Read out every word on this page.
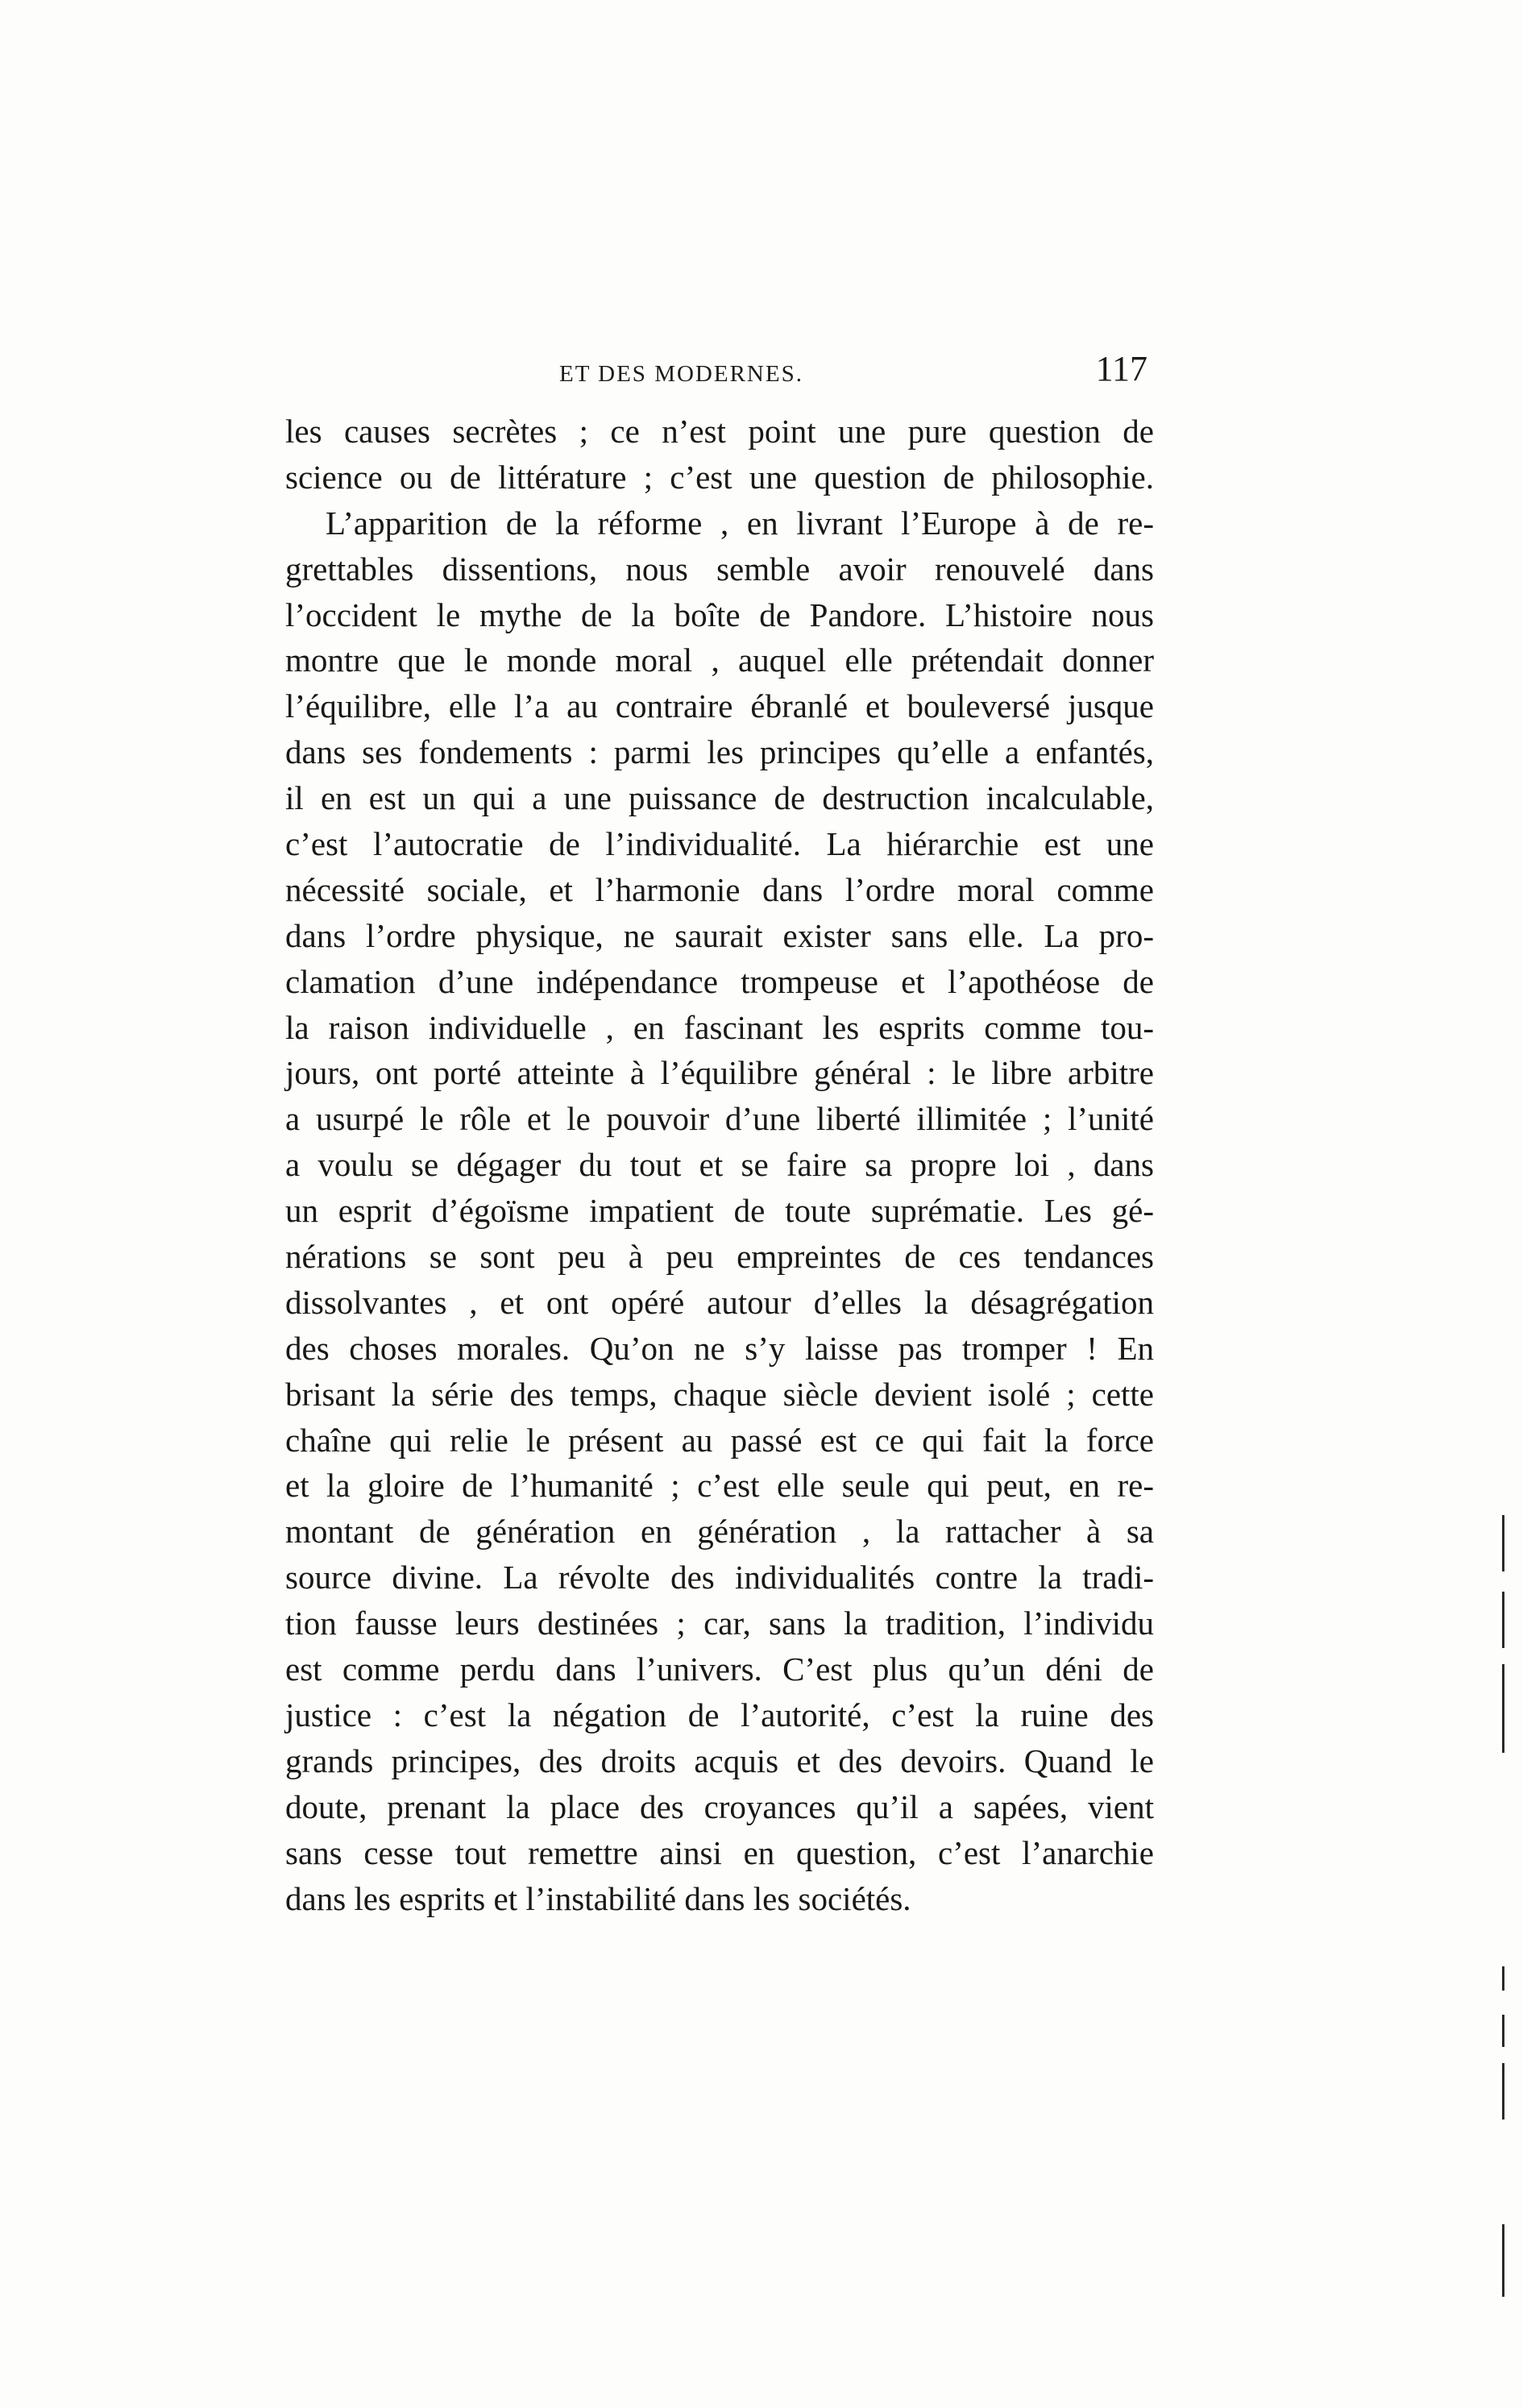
ET DES MODERNES.	117
les causes secrètes ; ce n’est point une pure question de
science ou de littérature ; c’est une question de philosophie.
L’apparition de la réforme , en livrant l’Europe à de re-
grettables dissentions, nous semble avoir renouvelé dans
l’occident le mythe de la boîte de Pandore. L’histoire nous
montre que le monde moral , auquel elle prétendait donner
l’équilibre, elle l’a au contraire ébranlé et bouleversé jusque
dans ses fondements : parmi les principes qu’elle a enfantés,
il en est un qui a une puissance de destruction incalculable,
c’est l’autocratie de l’individualité. La hiérarchie est une
nécessité sociale, et l’harmonie dans l’ordre moral comme
dans l’ordre physique, ne saurait exister sans elle. La pro-
clamation d’une indépendance trompeuse et l’apothéose de
la raison individuelle , en fascinant les esprits comme tou-
jours, ont porté atteinte à l’équilibre général : le libre arbitre
a usurpé le rôle et le pouvoir d’une liberté illimitée ; l’unité
a voulu se dégager du tout et se faire sa propre loi , dans
un esprit d’égoïsme impatient de toute suprématie. Les gé-
nérations se sont peu à peu empreintes de ces tendances
dissolvantes , et ont opéré autour d’elles la désagrégation
des choses morales. Qu’on ne s’y laisse pas tromper ! En
brisant la série des temps, chaque siècle devient isolé ; cette
chaîne qui relie le présent au passé est ce qui fait la force
et la gloire de l’humanité ; c’est elle seule qui peut, en re-
montant de génération en génération , la rattacher à sa
source divine. La révolte des individualités contre la tradi-
tion fausse leurs destinées ; car, sans la tradition, l’individu
est comme perdu dans l’univers. C’est plus qu’un déni de
justice : c’est la négation de l’autorité, c’est la ruine des
grands principes, des droits acquis et des devoirs. Quand le
doute, prenant la place des croyances qu’il a sapées, vient
sans cesse tout remettre ainsi en question, c’est l’anarchie
dans les esprits et l’instabilité dans les sociétés.
